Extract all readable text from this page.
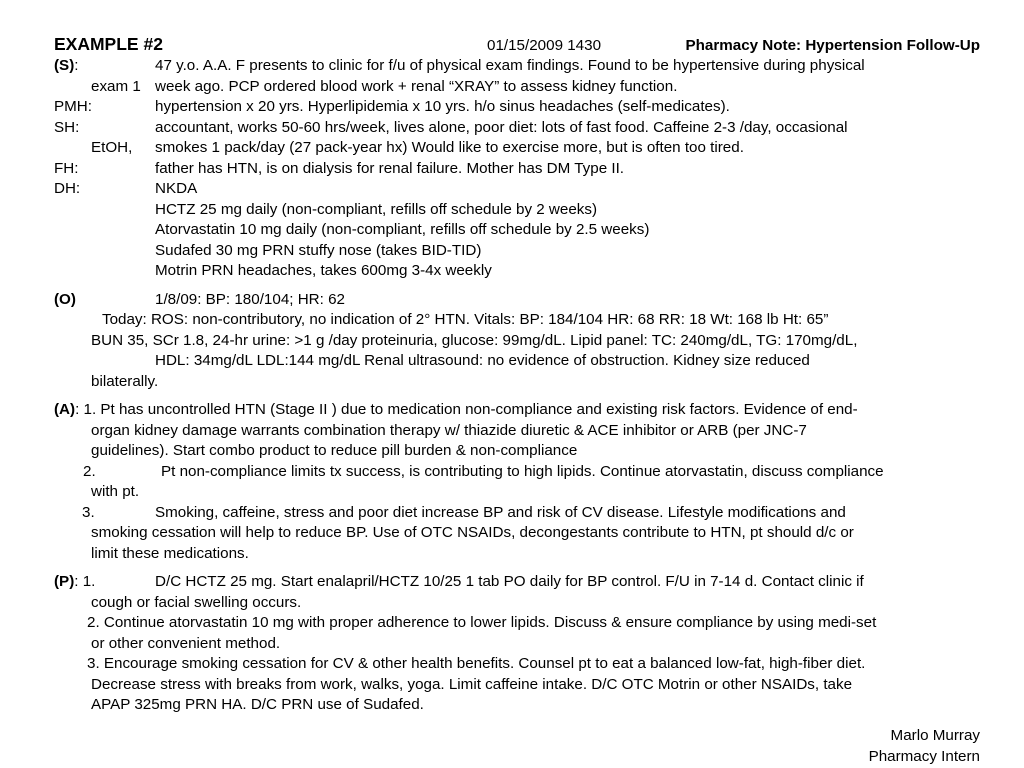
EXAMPLE #2	01/15/2009 1430	Pharmacy Note: Hypertension Follow-Up
(S):	47 y.o. A.A. F presents to clinic for f/u of physical exam findings. Found to be hypertensive during physical
exam 1 week ago. PCP ordered blood work + renal “XRAY” to assess kidney function.
PMH:	hypertension x 20 yrs. Hyperlipidemia x 10 yrs. h/o sinus headaches (self-medicates).
SH:	accountant, works 50-60 hrs/week, lives alone, poor diet: lots of fast food. Caffeine 2-3 /day, occasional
EtOH, smokes 1 pack/day (27 pack-year hx) Would like to exercise more, but is often too tired.
FH:	father has HTN, is on dialysis for renal failure. Mother has DM Type II.
DH:	NKDA
HCTZ 25 mg daily (non-compliant, refills off schedule by 2 weeks)
Atorvastatin 10 mg daily (non-compliant, refills off schedule by 2.5 weeks)
Sudafed 30 mg PRN stuffy nose (takes BID-TID)
Motrin PRN headaches, takes 600mg 3-4x weekly
(O)	1/8/09: BP: 180/104; HR: 62
Today: ROS: non-contributory, no indication of 2° HTN. Vitals: BP: 184/104 HR: 68 RR: 18 Wt: 168 lb Ht: 65”
BUN 35, SCr 1.8, 24-hr urine: >1 g /day proteinuria, glucose: 99mg/dL. Lipid panel: TC: 240mg/dL, TG: 170mg/dL,
HDL: 34mg/dL LDL:144 mg/dL Renal ultrasound: no evidence of obstruction. Kidney size reduced
bilaterally.
(A): 1. Pt has uncontrolled HTN (Stage II ) due to medication non-compliance and existing risk factors. Evidence of end-
organ kidney damage warrants combination therapy w/ thiazide diuretic & ACE inhibitor or ARB (per JNC-7
guidelines). Start combo product to reduce pill burden & non-compliance
2.	Pt non-compliance limits tx success, is contributing to high lipids. Continue atorvastatin, discuss compliance
with pt.
3.	Smoking, caffeine, stress and poor diet increase BP and risk of CV disease. Lifestyle modifications and
smoking cessation will help to reduce BP. Use of OTC NSAIDs, decongestants contribute to HTN, pt should d/c or
limit these medications.
(P): 1.	D/C HCTZ 25 mg. Start enalapril/HCTZ 10/25 1 tab PO daily for BP control. F/U in 7-14 d. Contact clinic if
cough or facial swelling occurs.
2. Continue atorvastatin 10 mg with proper adherence to lower lipids. Discuss & ensure compliance by using medi-set
or other convenient method.
3. Encourage smoking cessation for CV & other health benefits. Counsel pt to eat a balanced low-fat, high-fiber diet.
Decrease stress with breaks from work, walks, yoga. Limit caffeine intake. D/C OTC Motrin or other NSAIDs, take
APAP 325mg PRN HA. D/C PRN use of Sudafed.
Marlo Murray
Pharmacy Intern
